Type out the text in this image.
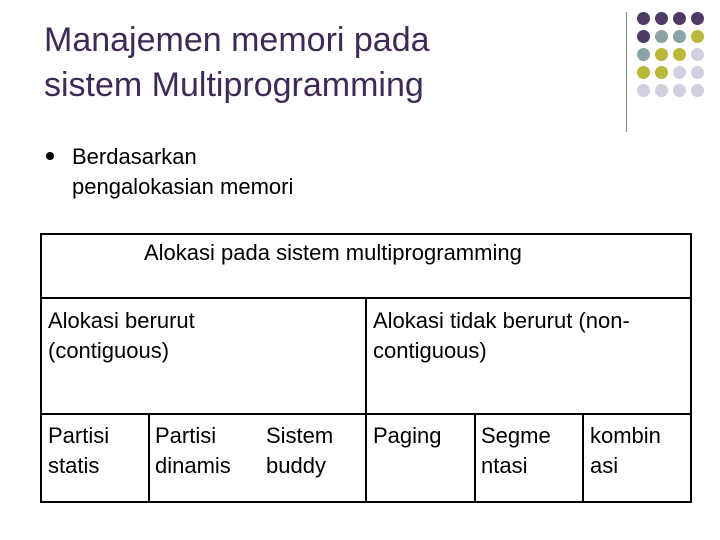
Manajemen memori pada
sistem Multiprogramming
Berdasarkan
pengalokasian memori
Alokasi pada sistem multiprogramming
Alokasi berurut
(contiguous)
Alokasi tidak berurut (non-
contiguous)
Partisi
statis
Partisi
dinamis
Sistem
buddy
Paging Segme
ntasi
kombin
asi
